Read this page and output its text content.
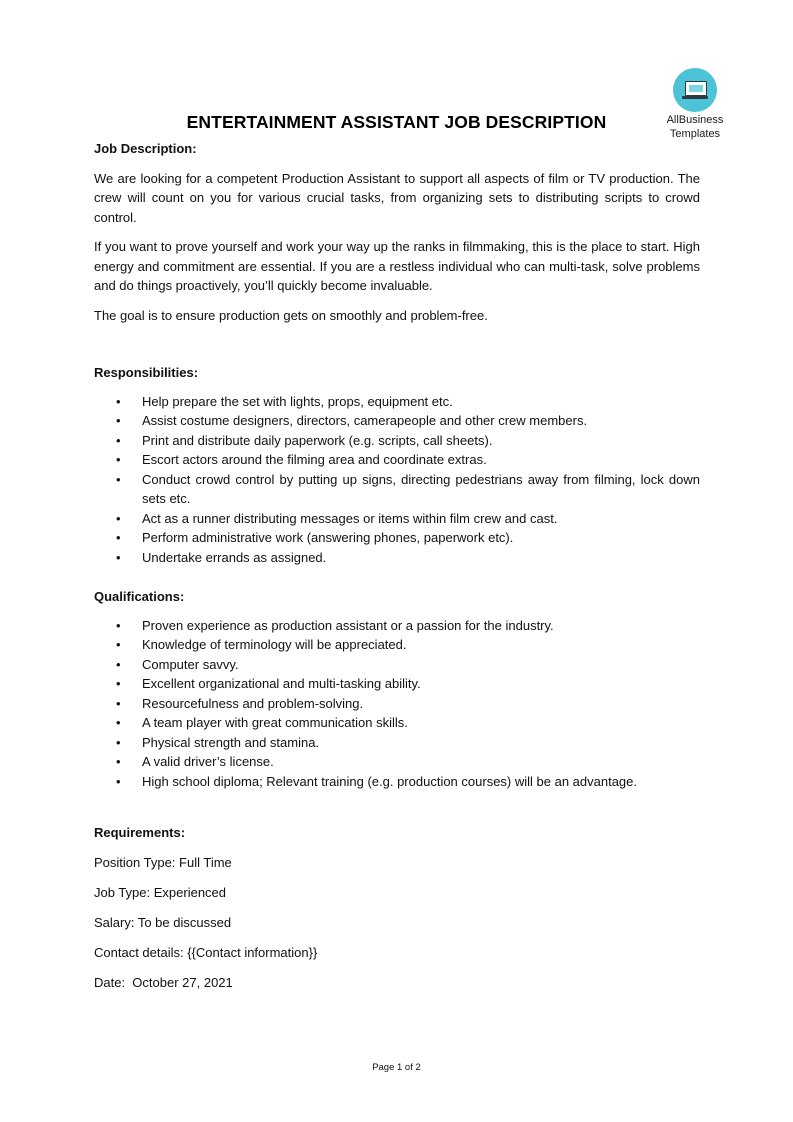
AllBusiness
Templates
ENTERTAINMENT ASSISTANT JOB DESCRIPTION

Job Description:

We are looking for a competent Production Assistant to support all aspects of film or TV production. The crew will count on you for various crucial tasks, from organizing sets to distributing scripts to crowd control.

If you want to prove yourself and work your way up the ranks in filmmaking, this is the place to start. High energy and commitment are essential. If you are a restless individual who can multi-task, solve problems and do things proactively, you’ll quickly become invaluable.

The goal is to ensure production gets on smoothly and problem-free.

Responsibilities:

• Help prepare the set with lights, props, equipment etc.
• Assist costume designers, directors, camerapeople and other crew members.
• Print and distribute daily paperwork (e.g. scripts, call sheets).
• Escort actors around the filming area and coordinate extras.
• Conduct crowd control by putting up signs, directing pedestrians away from filming, lock down sets etc.
• Act as a runner distributing messages or items within film crew and cast.
• Perform administrative work (answering phones, paperwork etc).
• Undertake errands as assigned.

Qualifications:

• Proven experience as production assistant or a passion for the industry.
• Knowledge of terminology will be appreciated.
• Computer savvy.
• Excellent organizational and multi-tasking ability.
• Resourcefulness and problem-solving.
• A team player with great communication skills.
• Physical strength and stamina.
• A valid driver’s license.
• High school diploma; Relevant training (e.g. production courses) will be an advantage.

Requirements:

Position Type: Full Time

Job Type: Experienced

Salary: To be discussed

Contact details: {{Contact information}}

Date:  October 27, 2021

Page 1 of 2
